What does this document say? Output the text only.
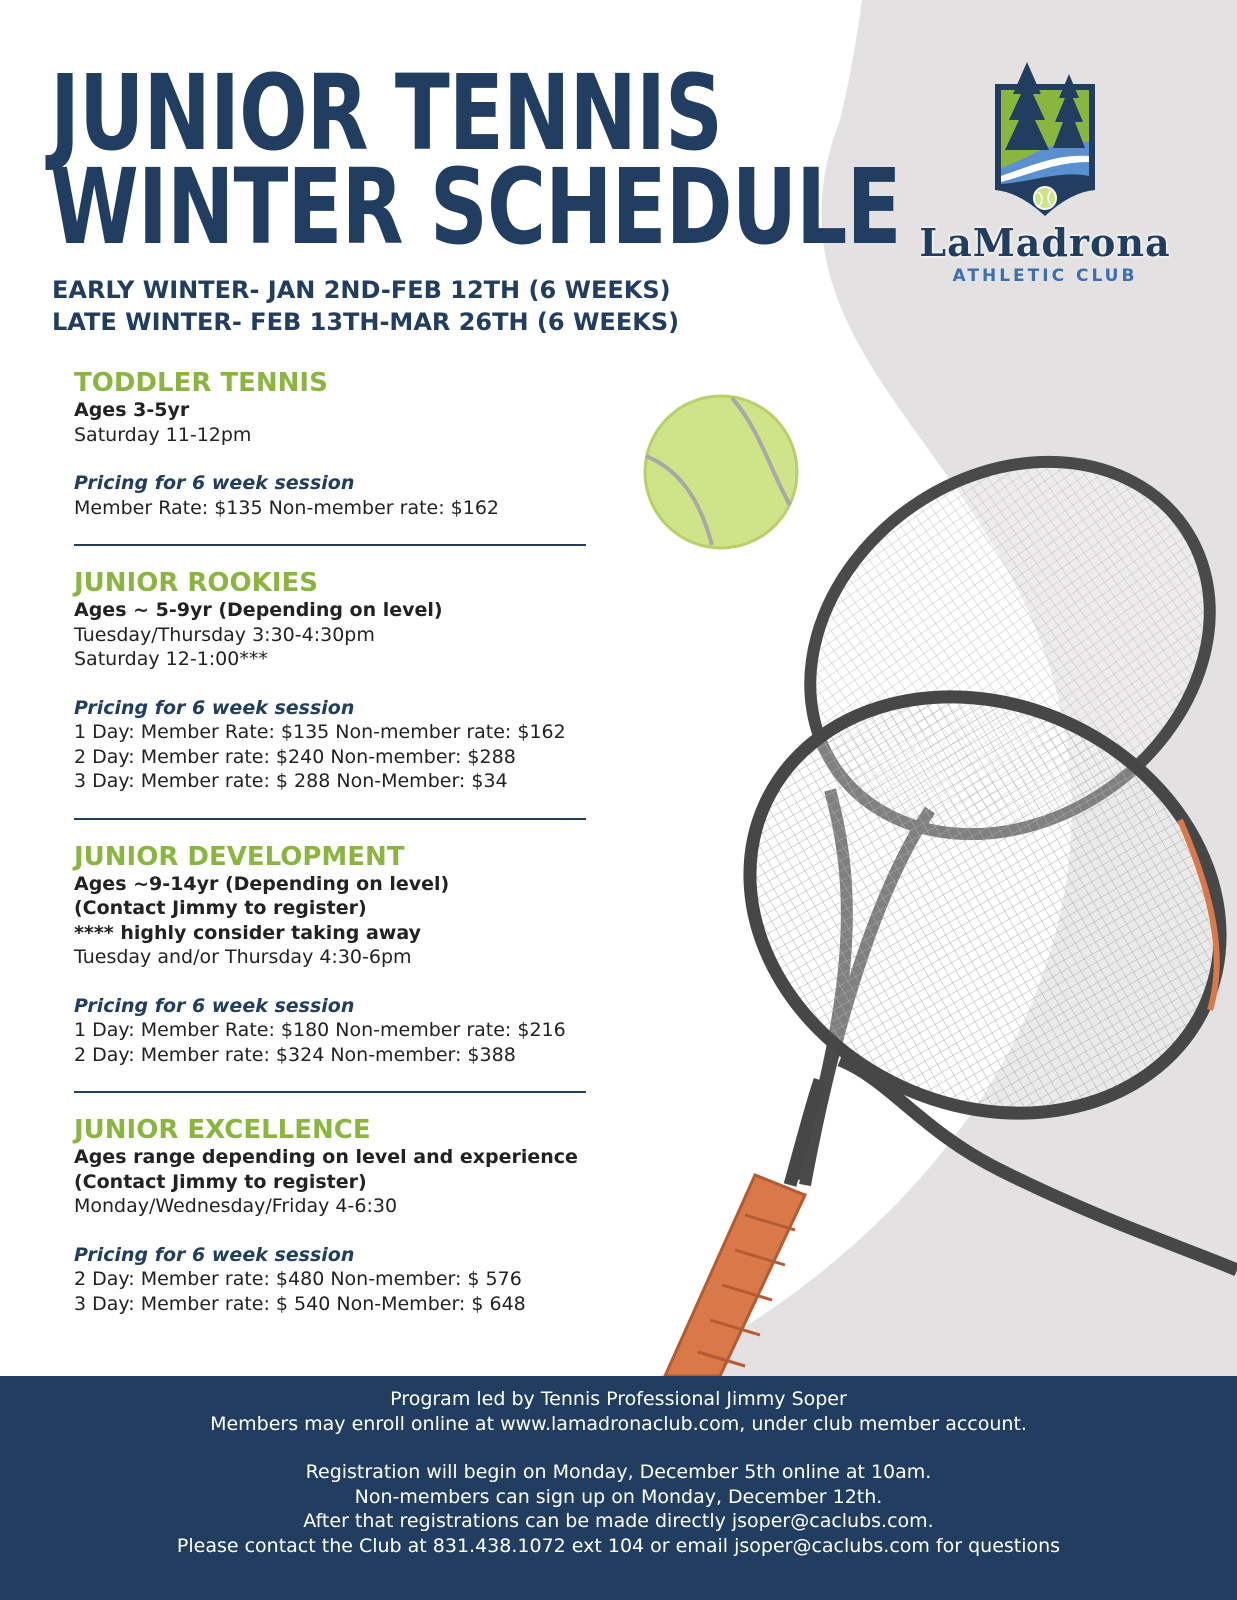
JUNIOR TENNIS
WINTER SCHEDULE
EARLY WINTER- JAN 2ND-FEB 12TH (6 WEEKS)
LATE WINTER- FEB 13TH-MAR 26TH (6 WEEKS)
LaMadrona
ATHLETIC CLUB
TODDLER TENNIS
Ages 3-5yr
Saturday 11-12pm
Pricing for 6 week session
Member Rate: $135 Non-member rate: $162
JUNIOR ROOKIES
Ages ~ 5-9yr (Depending on level)
Tuesday/Thursday 3:30-4:30pm
Saturday 12-1:00***
Pricing for 6 week session
1 Day: Member Rate: $135 Non-member rate: $162
2 Day: Member rate: $240 Non-member: $288
3 Day: Member rate: $ 288 Non-Member: $34
JUNIOR DEVELOPMENT
Ages ~9-14yr (Depending on level)
(Contact Jimmy to register)
**** highly consider taking away
Tuesday and/or Thursday 4:30-6pm
Pricing for 6 week session
1 Day: Member Rate: $180 Non-member rate: $216
2 Day: Member rate: $324 Non-member: $388
JUNIOR EXCELLENCE
Ages range depending on level and experience
(Contact Jimmy to register)
Monday/Wednesday/Friday 4-6:30
Pricing for 6 week session
2 Day: Member rate: $480 Non-member: $ 576
3 Day: Member rate: $ 540 Non-Member: $ 648
Program led by Tennis Professional Jimmy Soper
Members may enroll online at www.lamadronaclub.com, under club member account.
Registration will begin on Monday, December 5th online at 10am.
Non-members can sign up on Monday, December 12th.
After that registrations can be made directly jsoper@caclubs.com.
Please contact the Club at 831.438.1072 ext 104 or email jsoper@caclubs.com for questions
